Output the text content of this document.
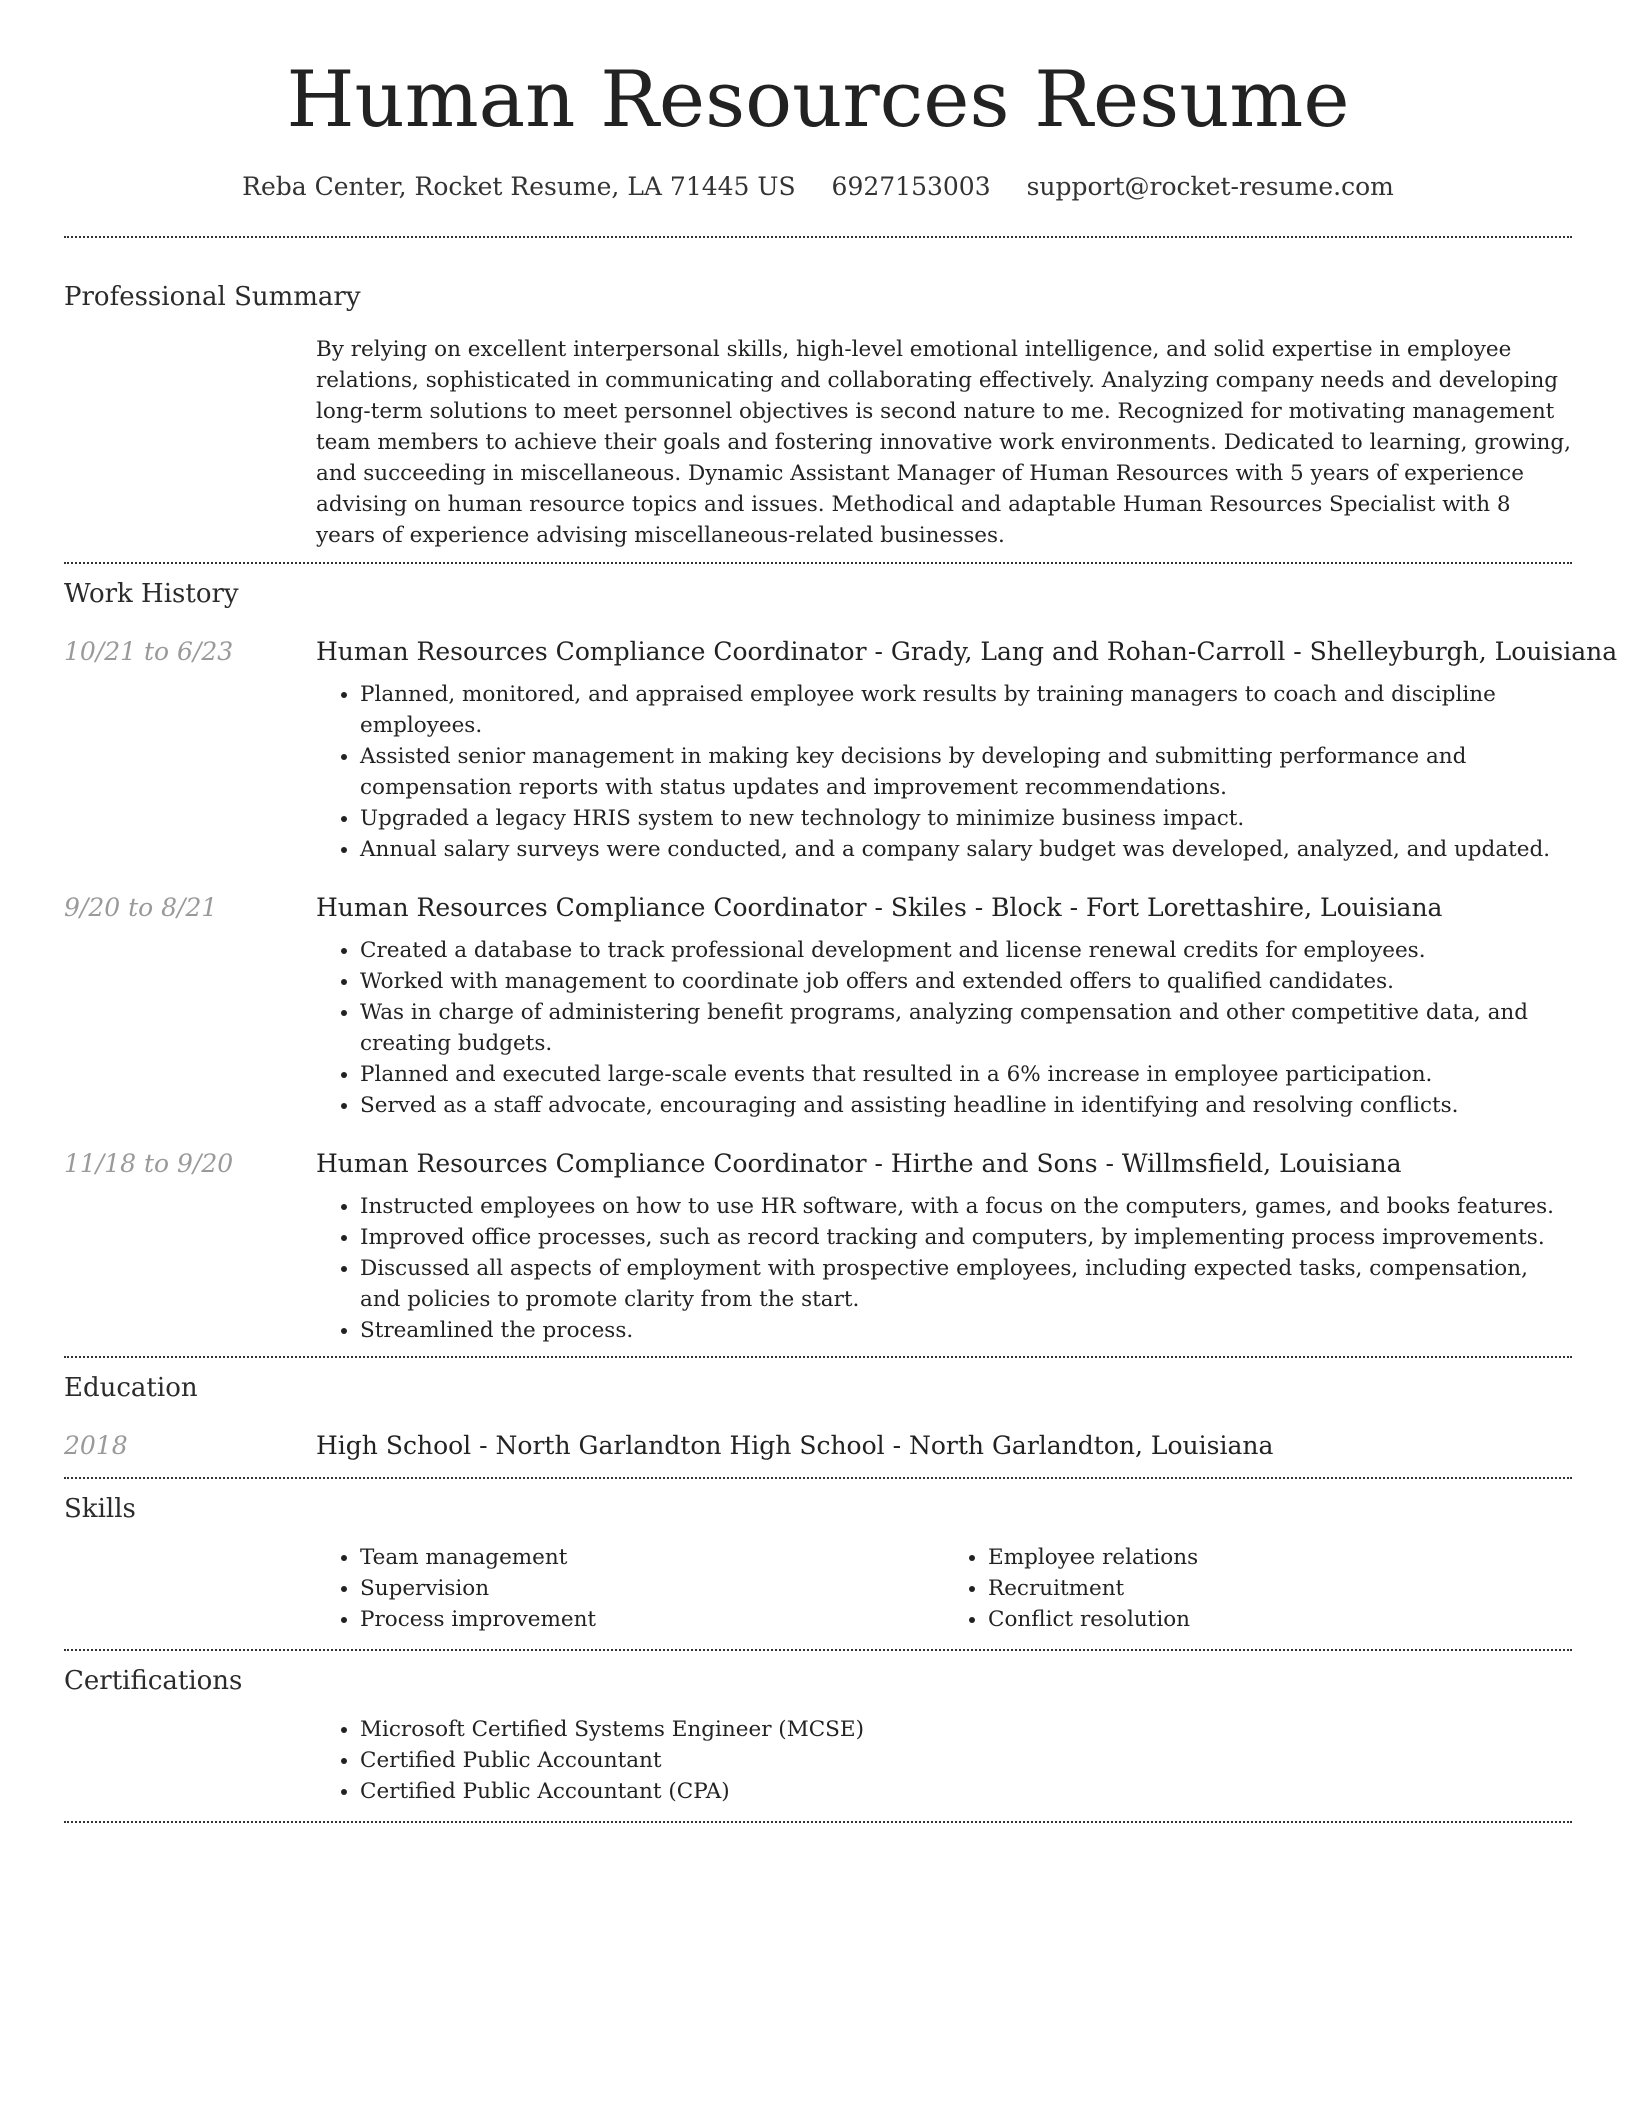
Human Resources Resume
Reba Center, Rocket Resume, LA 71445 US 6927153003 support@rocket-resume.com
Professional Summary

By relying on excellent interpersonal skills, high-level emotional intelligence, and solid expertise in employee relations, sophisticated in communicating and collaborating effectively. Analyzing company needs and developing long-term solutions to meet personnel objectives is second nature to me. Recognized for motivating management team members to achieve their goals and fostering innovative work environments. Dedicated to learning, growing, and succeeding in miscellaneous. Dynamic Assistant Manager of Human Resources with 5 years of experience advising on human resource topics and issues. Methodical and adaptable Human Resources Specialist with 8 years of experience advising miscellaneous-related businesses.

Work History
10/21 to 6/23	Human Resources Compliance Coordinator - Grady, Lang and Rohan-Carroll - Shelleyburgh, Louisiana
• Planned, monitored, and appraised employee work results by training managers to coach and discipline employees.
• Assisted senior management in making key decisions by developing and submitting performance and compensation reports with status updates and improvement recommendations.
• Upgraded a legacy HRIS system to new technology to minimize business impact.
• Annual salary surveys were conducted, and a company salary budget was developed, analyzed, and updated.
9/20 to 8/21	Human Resources Compliance Coordinator - Skiles - Block - Fort Lorettashire, Louisiana
• Created a database to track professional development and license renewal credits for employees.
• Worked with management to coordinate job offers and extended offers to qualified candidates.
• Was in charge of administering benefit programs, analyzing compensation and other competitive data, and creating budgets.
• Planned and executed large-scale events that resulted in a 6% increase in employee participation.
• Served as a staff advocate, encouraging and assisting headline in identifying and resolving conflicts.
11/18 to 9/20	Human Resources Compliance Coordinator - Hirthe and Sons - Willmsfield, Louisiana
• Instructed employees on how to use HR software, with a focus on the computers, games, and books features.
• Improved office processes, such as record tracking and computers, by implementing process improvements.
• Discussed all aspects of employment with prospective employees, including expected tasks, compensation, and policies to promote clarity from the start.
• Streamlined the process.
Education
2018	High School - North Garlandton High School - North Garlandton, Louisiana
Skills
• Team management
• Supervision
• Process improvement
• Employee relations
• Recruitment
• Conflict resolution
Certifications
• Microsoft Certified Systems Engineer (MCSE)
• Certified Public Accountant
• Certified Public Accountant (CPA)
